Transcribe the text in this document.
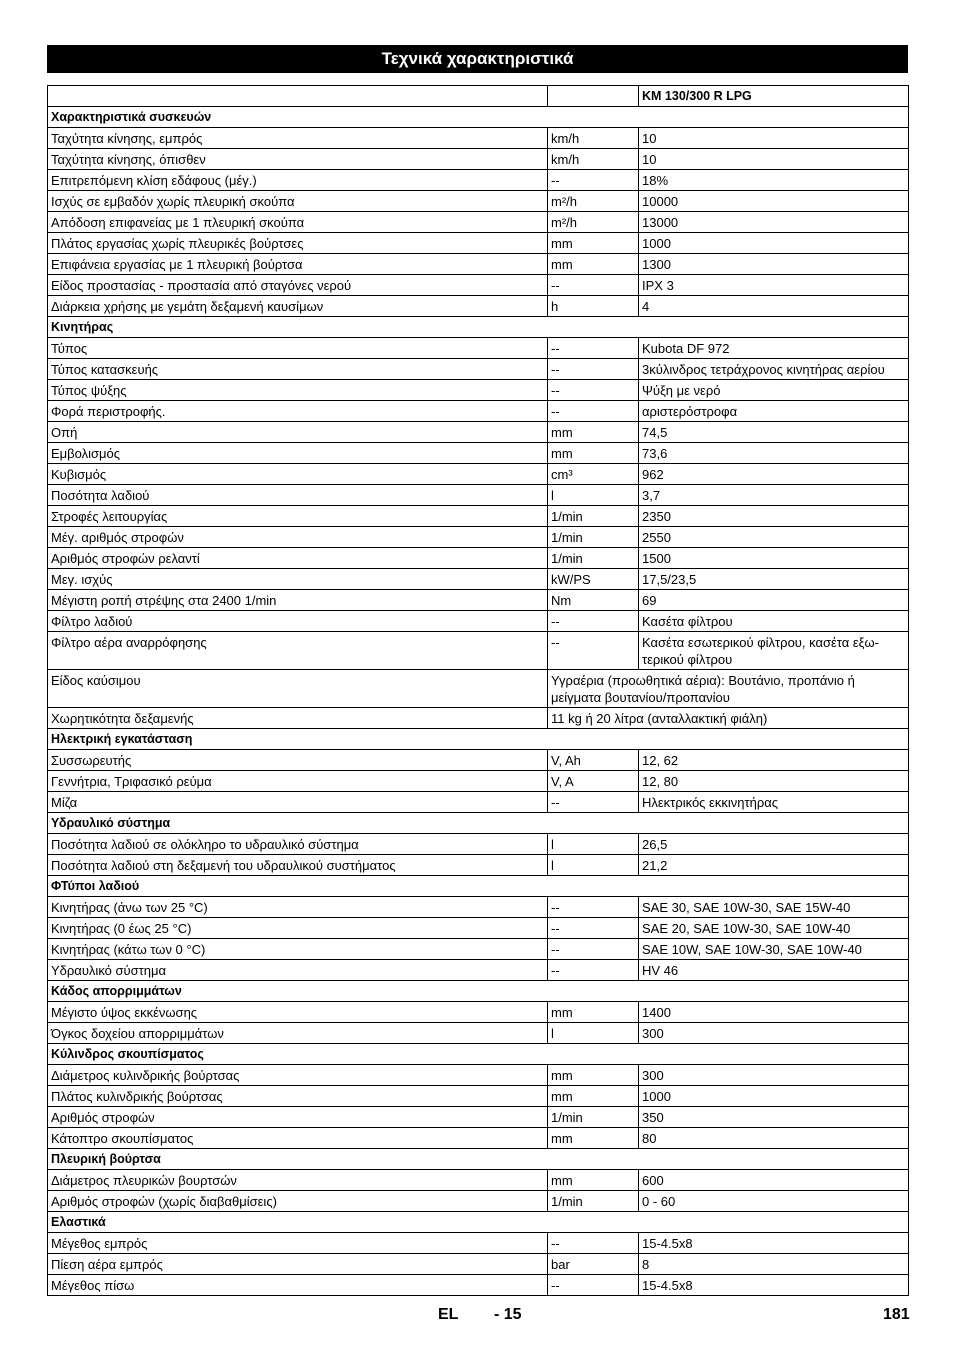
Τεχνικά χαρακτηριστικά
		KM 130/300 R LPG
Χαρακτηριστικά συσκευών		
Ταχύτητα κίνησης, εμπρός	km/h	10
Ταχύτητα κίνησης, όπισθεν	km/h	10
Επιτρεπόμενη κλίση εδάφους (μέγ.)	--	18%
Ισχύς σε εμβαδόν χωρίς πλευρική σκούπα	m²/h	10000
Απόδοση επιφανείας με 1 πλευρική σκούπα	m²/h	13000
Πλάτος εργασίας χωρίς πλευρικές βούρτσες	mm	1000
Επιφάνεια εργασίας με 1 πλευρική βούρτσα	mm	1300
Είδος προστασίας - προστασία από σταγόνες νερού	--	IPX 3
Διάρκεια χρήσης με γεμάτη δεξαμενή καυσίμων	h	4
Κινητήρας		
Τύπος	--	Kubota DF 972
Τύπος κατασκευής	--	3κύλινδρος τετράχρονος κινητήρας αερίου
Τύπος ψύξης	--	Ψύξη με νερό
Φορά περιστροφής.	--	αριστερόστροφα
Οπή	mm	74,5
Εμβολισμός	mm	73,6
Κυβισμός	cm³	962
Ποσότητα λαδιού	l	3,7
Στροφές λειτουργίας	1/min	2350
Μέγ. αριθμός στροφών	1/min	2550
Αριθμός στροφών ρελαντί	1/min	1500
Μεγ. ισχύς	kW/PS	17,5/23,5
Μέγιστη ροπή στρέψης στα 2400 1/min	Nm	69
Φίλτρο λαδιού	--	Κασέτα φίλτρου
Φίλτρο αέρα αναρρόφησης	--	Κασέτα εσωτερικού φίλτρου, κασέτα εξω-τερικού φίλτρου
Είδος καύσιμου	Υγραέρια (προωθητικά αέρια): Βουτάνιο, προπάνιο ή μείγματα βουτανίου/προπανίου	
Χωρητικότητα δεξαμενής	11 kg ή 20 λίτρα (ανταλλακτική φιάλη)	
Ηλεκτρική εγκατάσταση		
Συσσωρευτής	V, Ah	12, 62
Γεννήτρια, Τριφασικό ρεύμα	V, A	12, 80
Μίζα	--	Ηλεκτρικός εκκινητήρας
Υδραυλικό σύστημα		
Ποσότητα λαδιού σε ολόκληρο το υδραυλικό σύστημα	l	26,5
Ποσότητα λαδιού στη δεξαμενή του υδραυλικού συστήματος	l	21,2
ΦΤύποι λαδιού		
Κινητήρας (άνω των 25 °C)	--	SAE 30, SAE 10W-30, SAE 15W-40
Κινητήρας (0 έως 25 °C)	--	SAE 20, SAE 10W-30, SAE 10W-40
Κινητήρας (κάτω των 0 °C)	--	SAE 10W, SAE 10W-30, SAE 10W-40
Υδραυλικό σύστημα	--	HV 46
Κάδος απορριμμάτων		
Μέγιστο ύψος εκκένωσης	mm	1400
Όγκος δοχείου απορριμμάτων	l	300
Κύλινδρος σκουπίσματος		
Διάμετρος κυλινδρικής βούρτσας	mm	300
Πλάτος κυλινδρικής βούρτσας	mm	1000
Αριθμός στροφών	1/min	350
Κάτοπτρο σκουπίσματος	mm	80
Πλευρική βούρτσα		
Διάμετρος πλευρικών βουρτσών	mm	600
Αριθμός στροφών (χωρίς διαβαθμίσεις)	1/min	0 - 60
Ελαστικά		
Μέγεθος εμπρός	--	15-4.5x8
Πίεση αέρα εμπρός	bar	8
Μέγεθος πίσω	--	15-4.5x8
EL - 15	181
